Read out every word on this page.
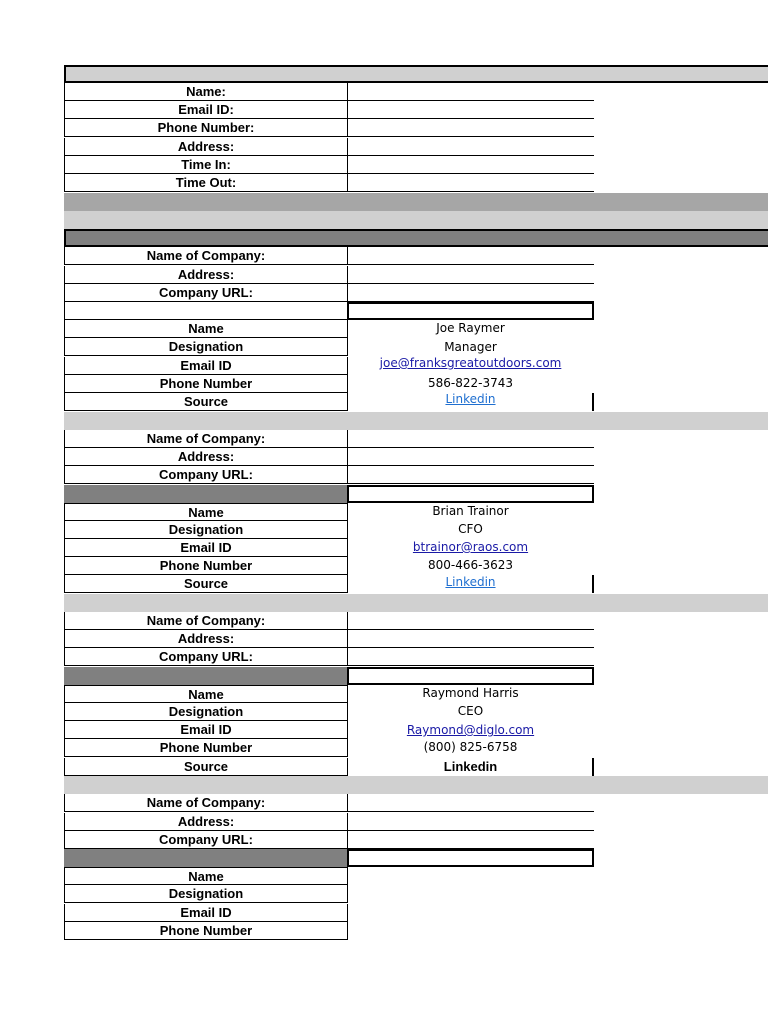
Name:
Email ID:
Phone Number:
Address:
Time In:
Time Out:
Name of Company:
Address:
Company URL:
Name	Joe Raymer
Designation	Manager
Email ID	joe@franksgreatoutdoors.com
Phone Number	586-822-3743
Source	Linkedin
Name of Company:
Address:
Company URL:
Name	Brian Trainor
Designation	CFO
Email ID	btrainor@raos.com
Phone Number	800-466-3623
Source	Linkedin
Name of Company:
Address:
Company URL:
Name	Raymond Harris
Designation	CEO
Email ID	Raymond@diglo.com
Phone Number	(800) 825-6758
Source	Linkedin
Name of Company:
Address:
Company URL:
Name
Designation
Email ID
Phone Number
